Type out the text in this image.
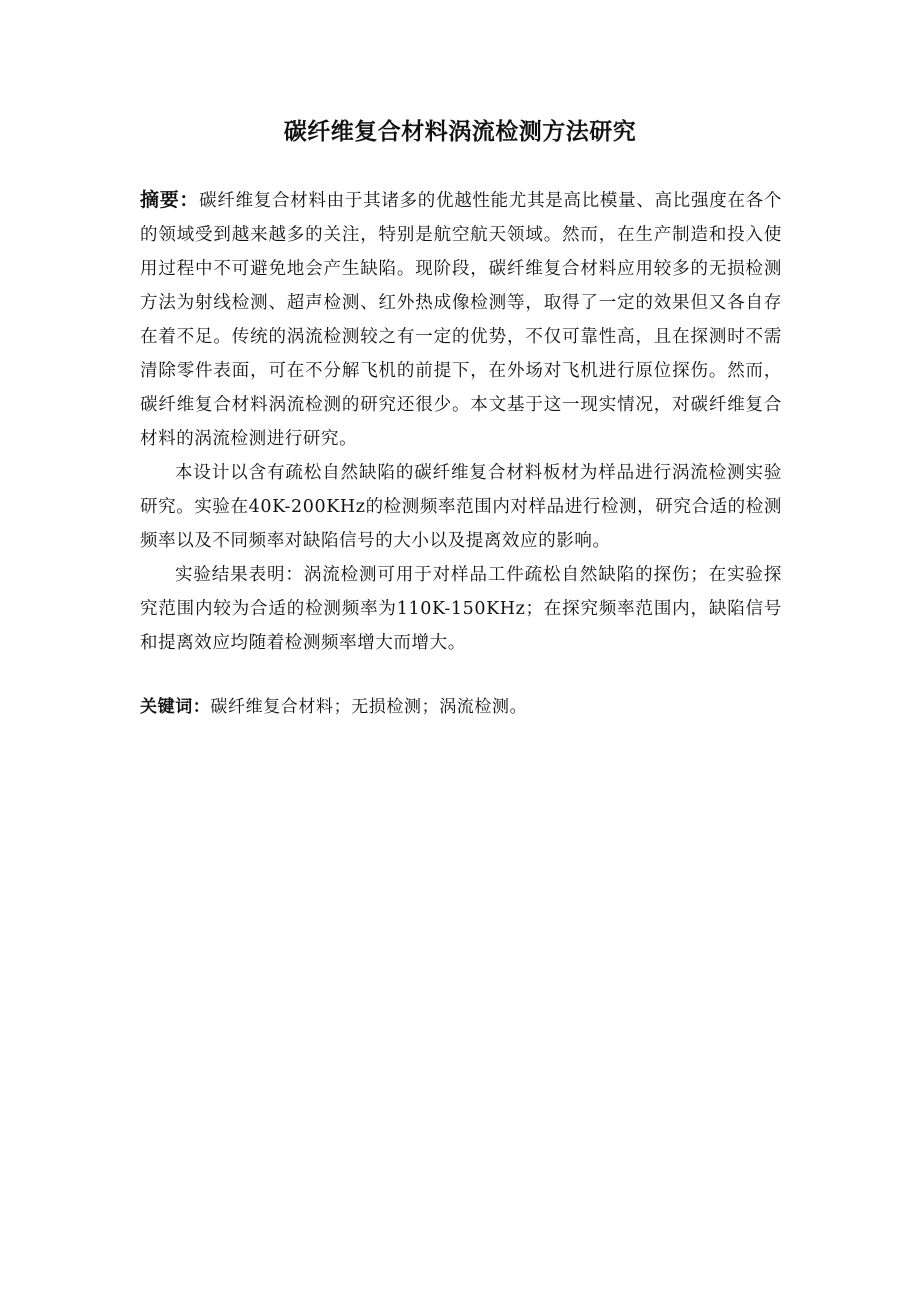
碳纤维复合材料涡流检测方法研究

摘要：碳纤维复合材料由于其诸多的优越性能尤其是高比模量、高比强度在各个的领域受到越来越多的关注，特别是航空航天领域。然而，在生产制造和投入使用过程中不可避免地会产生缺陷。现阶段，碳纤维复合材料应用较多的无损检测方法为射线检测、超声检测、红外热成像检测等，取得了一定的效果但又各自存在着不足。传统的涡流检测较之有一定的优势，不仅可靠性高，且在探测时不需清除零件表面，可在不分解飞机的前提下，在外场对飞机进行原位探伤。然而，碳纤维复合材料涡流检测的研究还很少。本文基于这一现实情况，对碳纤维复合材料的涡流检测进行研究。

本设计以含有疏松自然缺陷的碳纤维复合材料板材为样品进行涡流检测实验研究。实验在40K-200KHz的检测频率范围内对样品进行检测，研究合适的检测频率以及不同频率对缺陷信号的大小以及提离效应的影响。

实验结果表明：涡流检测可用于对样品工件疏松自然缺陷的探伤；在实验探究范围内较为合适的检测频率为110K-150KHz；在探究频率范围内，缺陷信号和提离效应均随着检测频率增大而增大。

关键词：碳纤维复合材料；无损检测；涡流检测。
